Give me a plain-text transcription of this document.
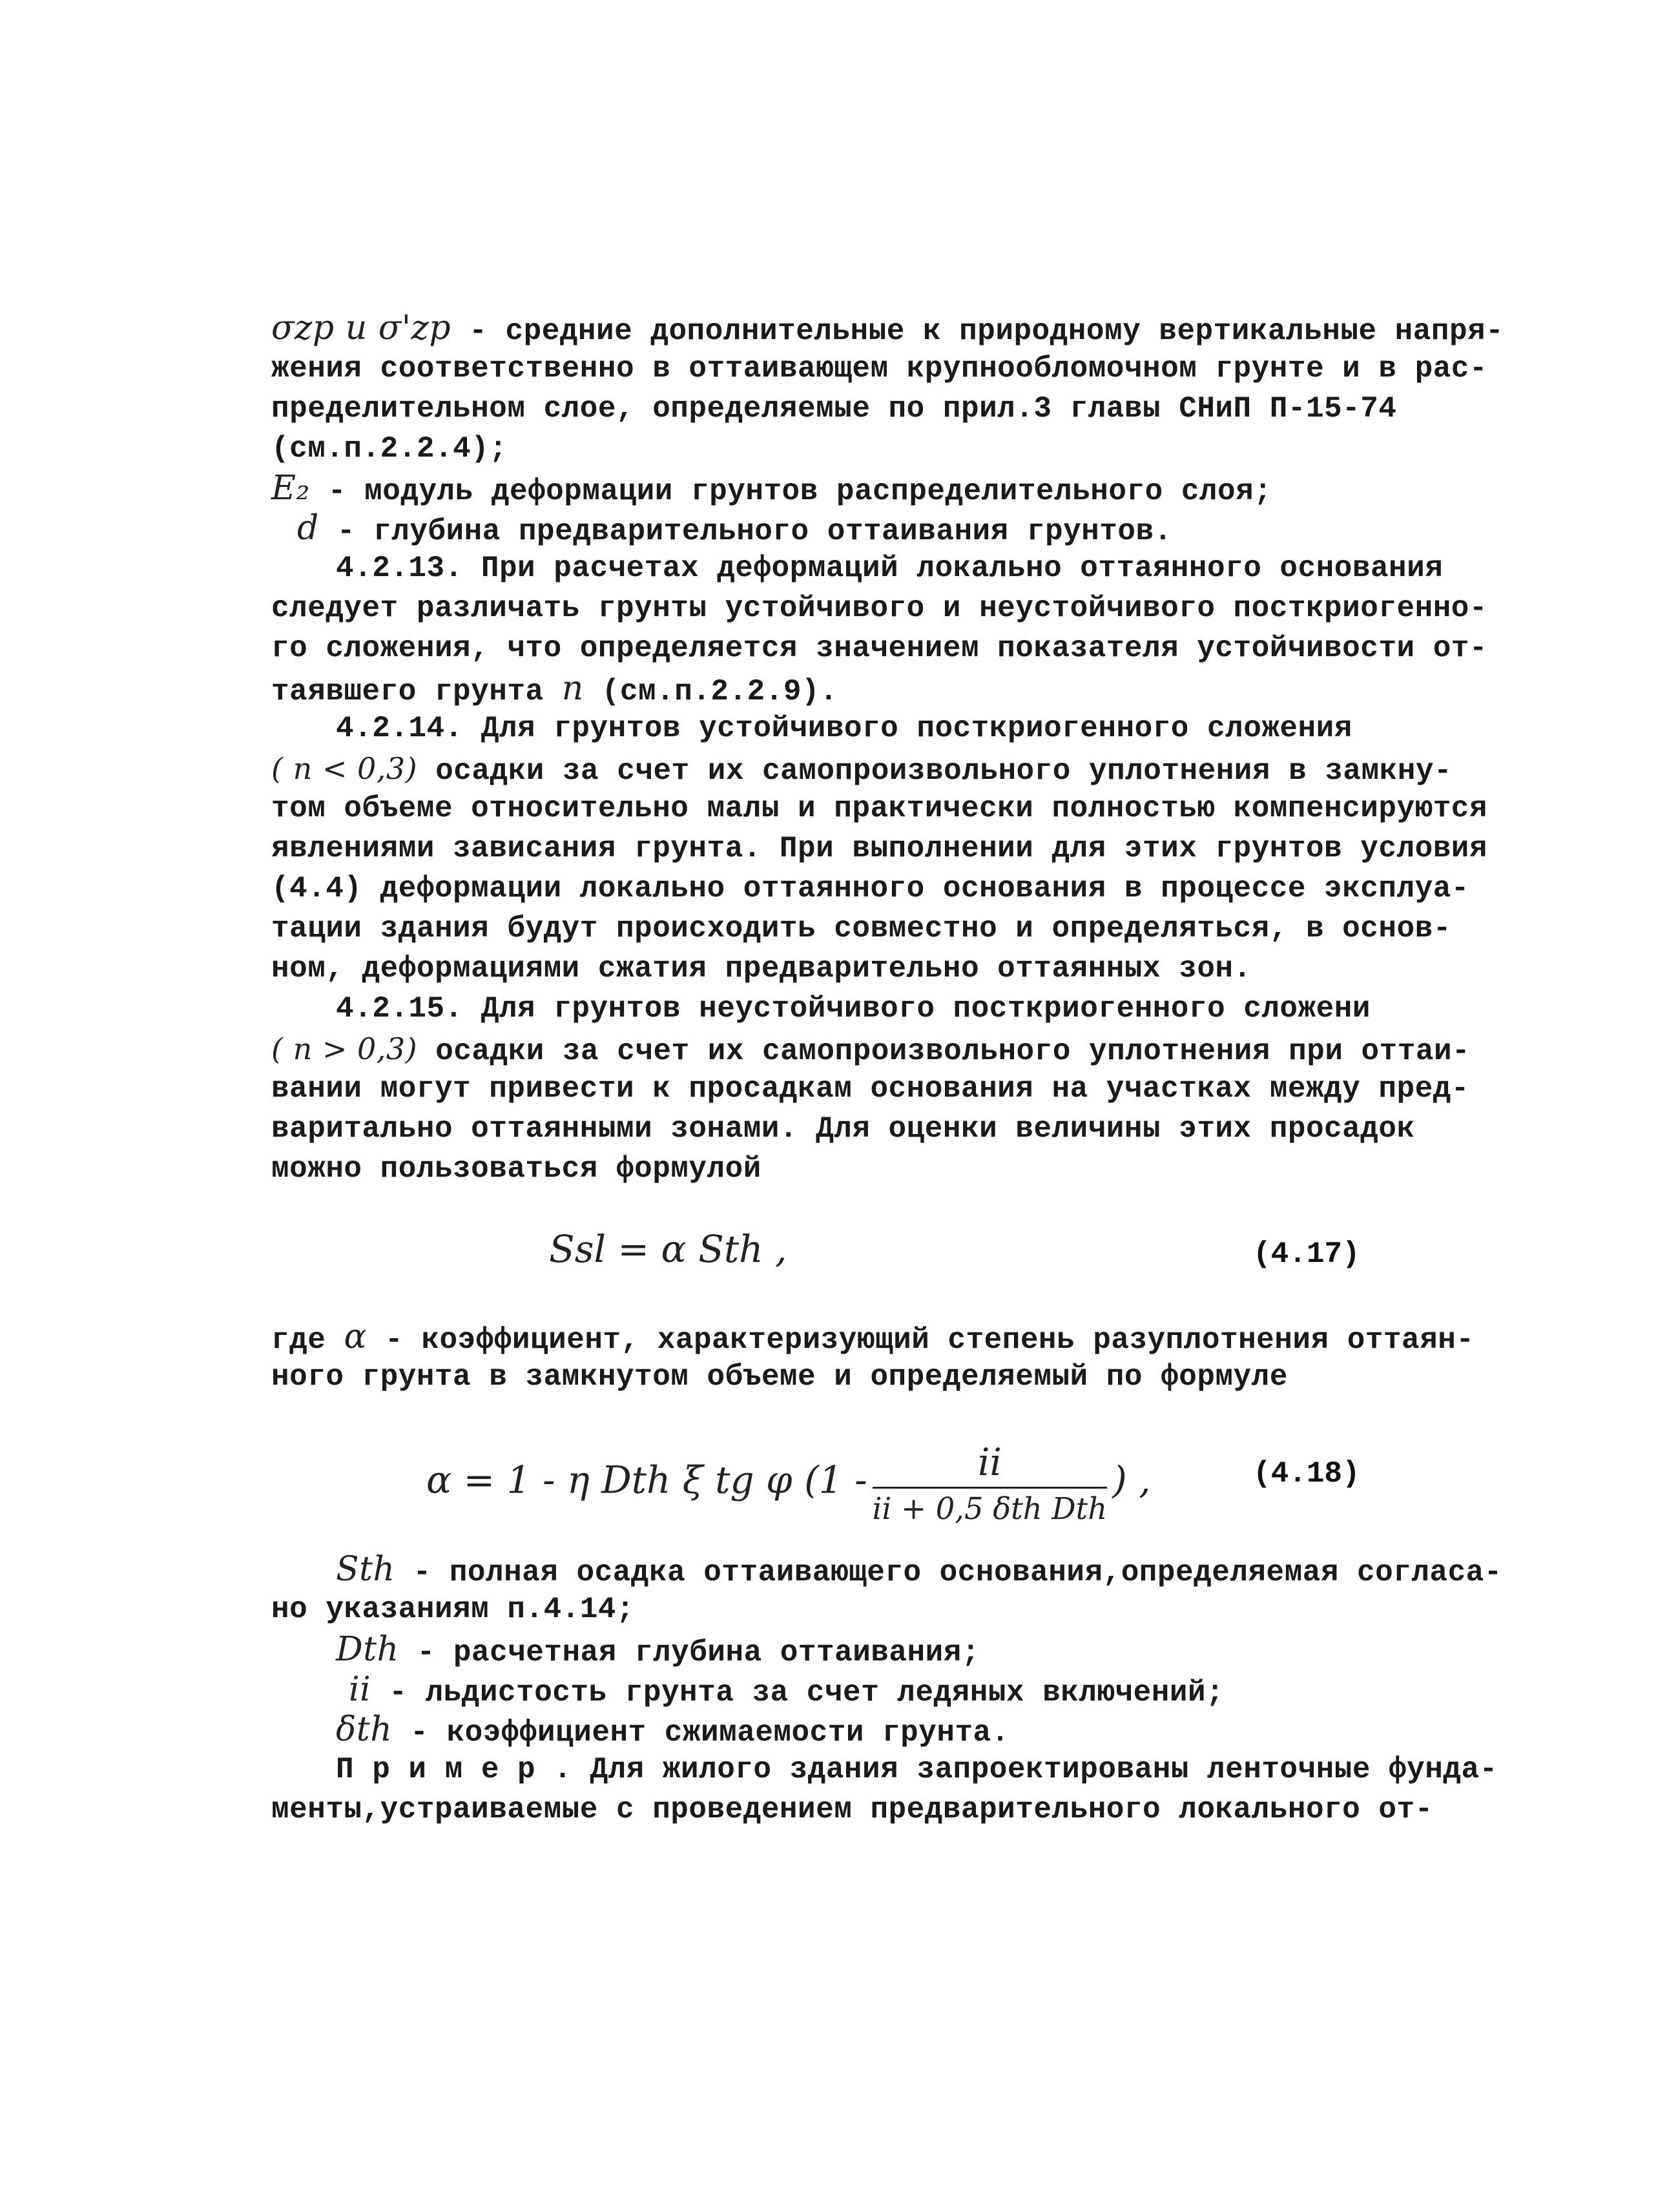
σzp и σ'zp - средние дополнительные к природному вертикальные напря-
жения соответственно в оттаивающем крупнообломочном грунте и в рас-
пределительном слое, определяемые по прил.3 главы СНиП П-15-74
(см.п.2.2.4);
E₂ - модуль деформации грунтов распределительного слоя;
d - глубина предварительного оттаивания грунтов.
4.2.13. При расчетах деформаций локально оттаянного основания
следует различать грунты устойчивого и неустойчивого посткриогенно-
го сложения, что определяется значением показателя устойчивости от-
таявшего грунта n (см.п.2.2.9).
4.2.14. Для грунтов устойчивого посткриогенного сложения
( n < 0,3) осадки за счет их самопроизвольного уплотнения в замкну-
том объеме относительно малы и практически полностью компенсируются
явлениями зависания грунта. При выполнении для этих грунтов условия
(4.4) деформации локально оттаянного основания в процессе эксплуа-
тации здания будут происходить совместно и определяться, в основ-
ном, деформациями сжатия предварительно оттаянных зон.
4.2.15. Для грунтов неустойчивого посткриогенного сложени
( n > 0,3) осадки за счет их самопроизвольного уплотнения при оттаи-
вании могут привести к просадкам основания на участках между пред-
варитально оттаянными зонами. Для оценки величины этих просадок
можно пользоваться формулой
Ssl = α Sth ,	(4.17)
где α - коэффициент, характеризующий степень разуплотнения оттаян-
ного грунта в замкнутом объеме и определяемый по формуле
α = 1 - η Dth ξ tg φ ($1 - \frac{ii}{\text{ii + 0,5 δth Dth}}$ ) ,	(4.18)
Sth - полная осадка оттаивающего основания,определяемая согласа-
но указаниям п.4.14;
Dth - расчетная глубина оттаивания;
ii - льдистость грунта за счет ледяных включений;
δth - коэффициент сжимаемости грунта.
П р и м е р . Для жилого здания запроектированы ленточные фунда-
менты,устраиваемые с проведением предварительного локального от-
